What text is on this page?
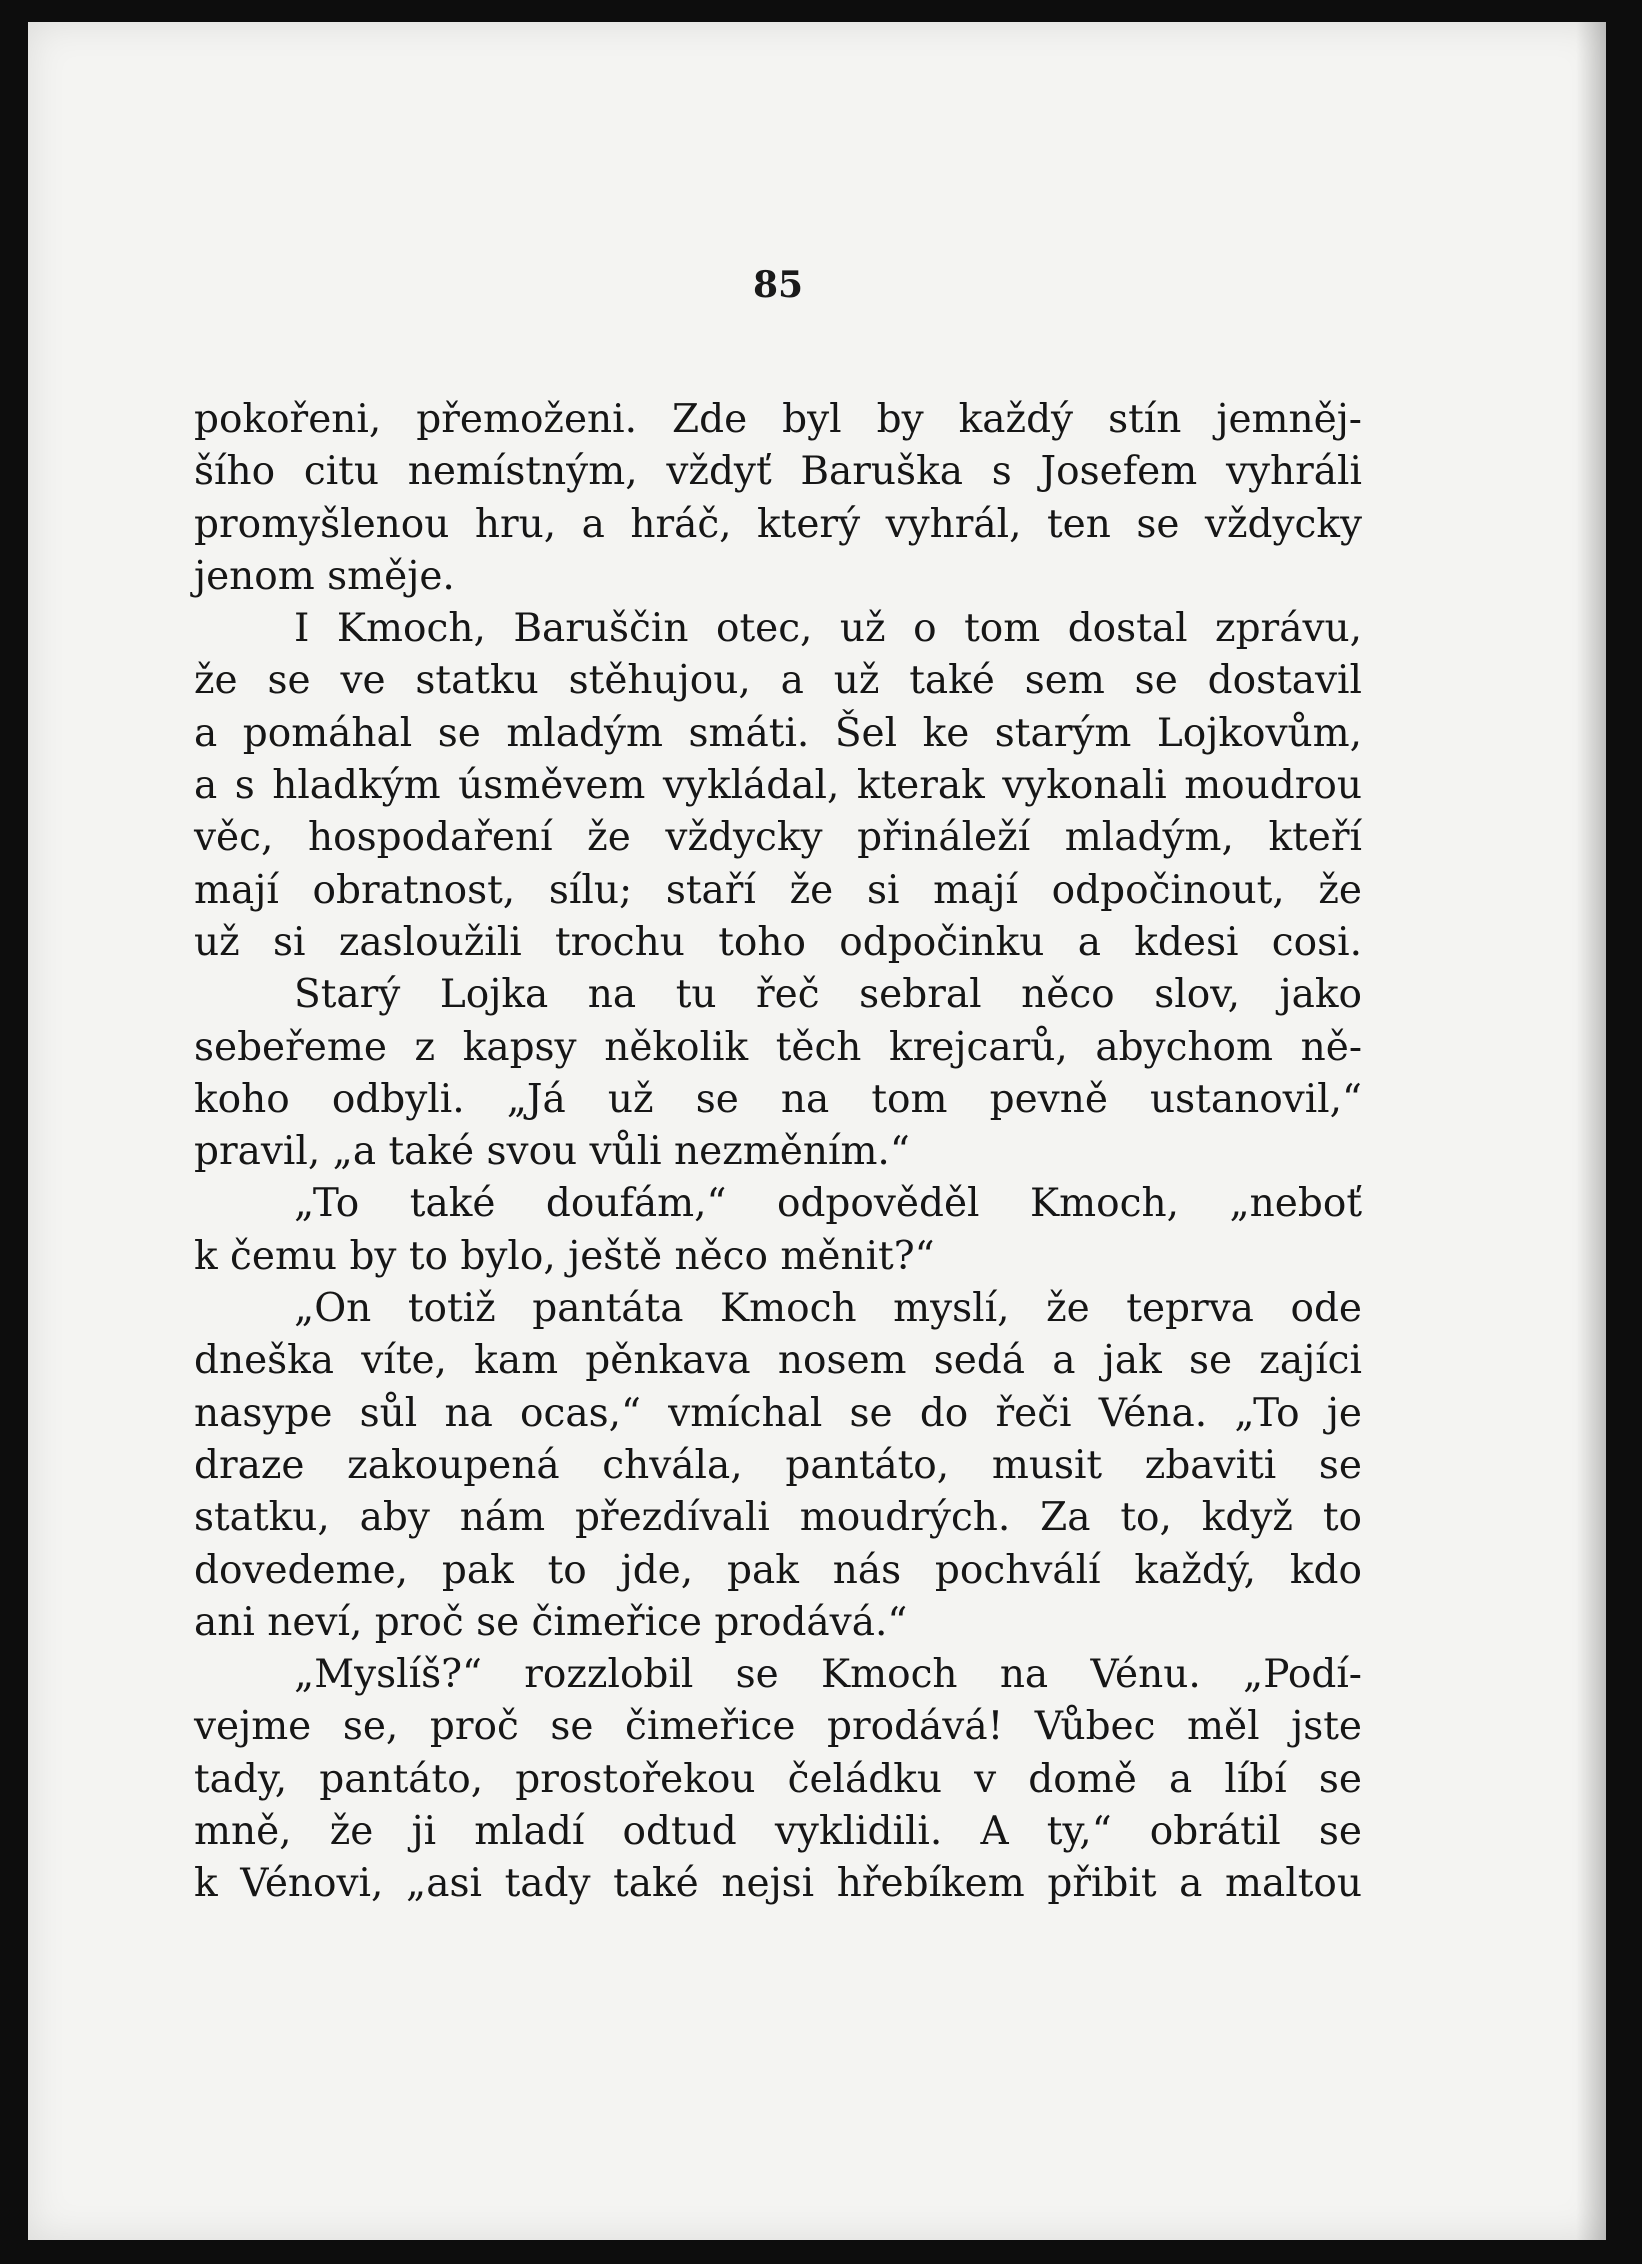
85
pokořeni, přemoženi. Zde byl by každý stín jemněj-
šího citu nemístným, vždyť Baruška s Josefem vyhráli
promyšlenou hru, a hráč, který vyhrál, ten se vždycky
jenom směje.
I Kmoch, Baruščin otec, už o tom dostal zprávu,
že se ve statku stěhujou, a už také sem se dostavil
a pomáhal se mladým smáti. Šel ke starým Lojkovům,
a s hladkým úsměvem vykládal, kterak vykonali moudrou
věc, hospodaření že vždycky přináleží mladým, kteří
mají obratnost, sílu; staří že si mají odpočinout, že
už si zasloužili trochu toho odpočinku a kdesi cosi.
Starý Lojka na tu řeč sebral něco slov, jako
sebeřeme z kapsy několik těch krejcarů, abychom ně-
koho odbyli. „Já už se na tom pevně ustanovil,“
pravil, „a také svou vůli nezměním.“
„To také doufám,“ odpověděl Kmoch, „neboť
k čemu by to bylo, ještě něco měnit?“
„On totiž pantáta Kmoch myslí, že teprva ode
dneška víte, kam pěnkava nosem sedá a jak se zajíci
nasype sůl na ocas,“ vmíchal se do řeči Véna. „To je
draze zakoupená chvála, pantáto, musit zbaviti se
statku, aby nám přezdívali moudrých. Za to, když to
dovedeme, pak to jde, pak nás pochválí každý, kdo
ani neví, proč se čimeřice prodává.“
„Myslíš?“ rozzlobil se Kmoch na Vénu. „Podí-
vejme se, proč se čimeřice prodává! Vůbec měl jste
tady, pantáto, prostořekou čeládku v domě a líbí se
mně, že ji mladí odtud vyklidili. A ty,“ obrátil se
k Vénovi, „asi tady také nejsi hřebíkem přibit a maltou
